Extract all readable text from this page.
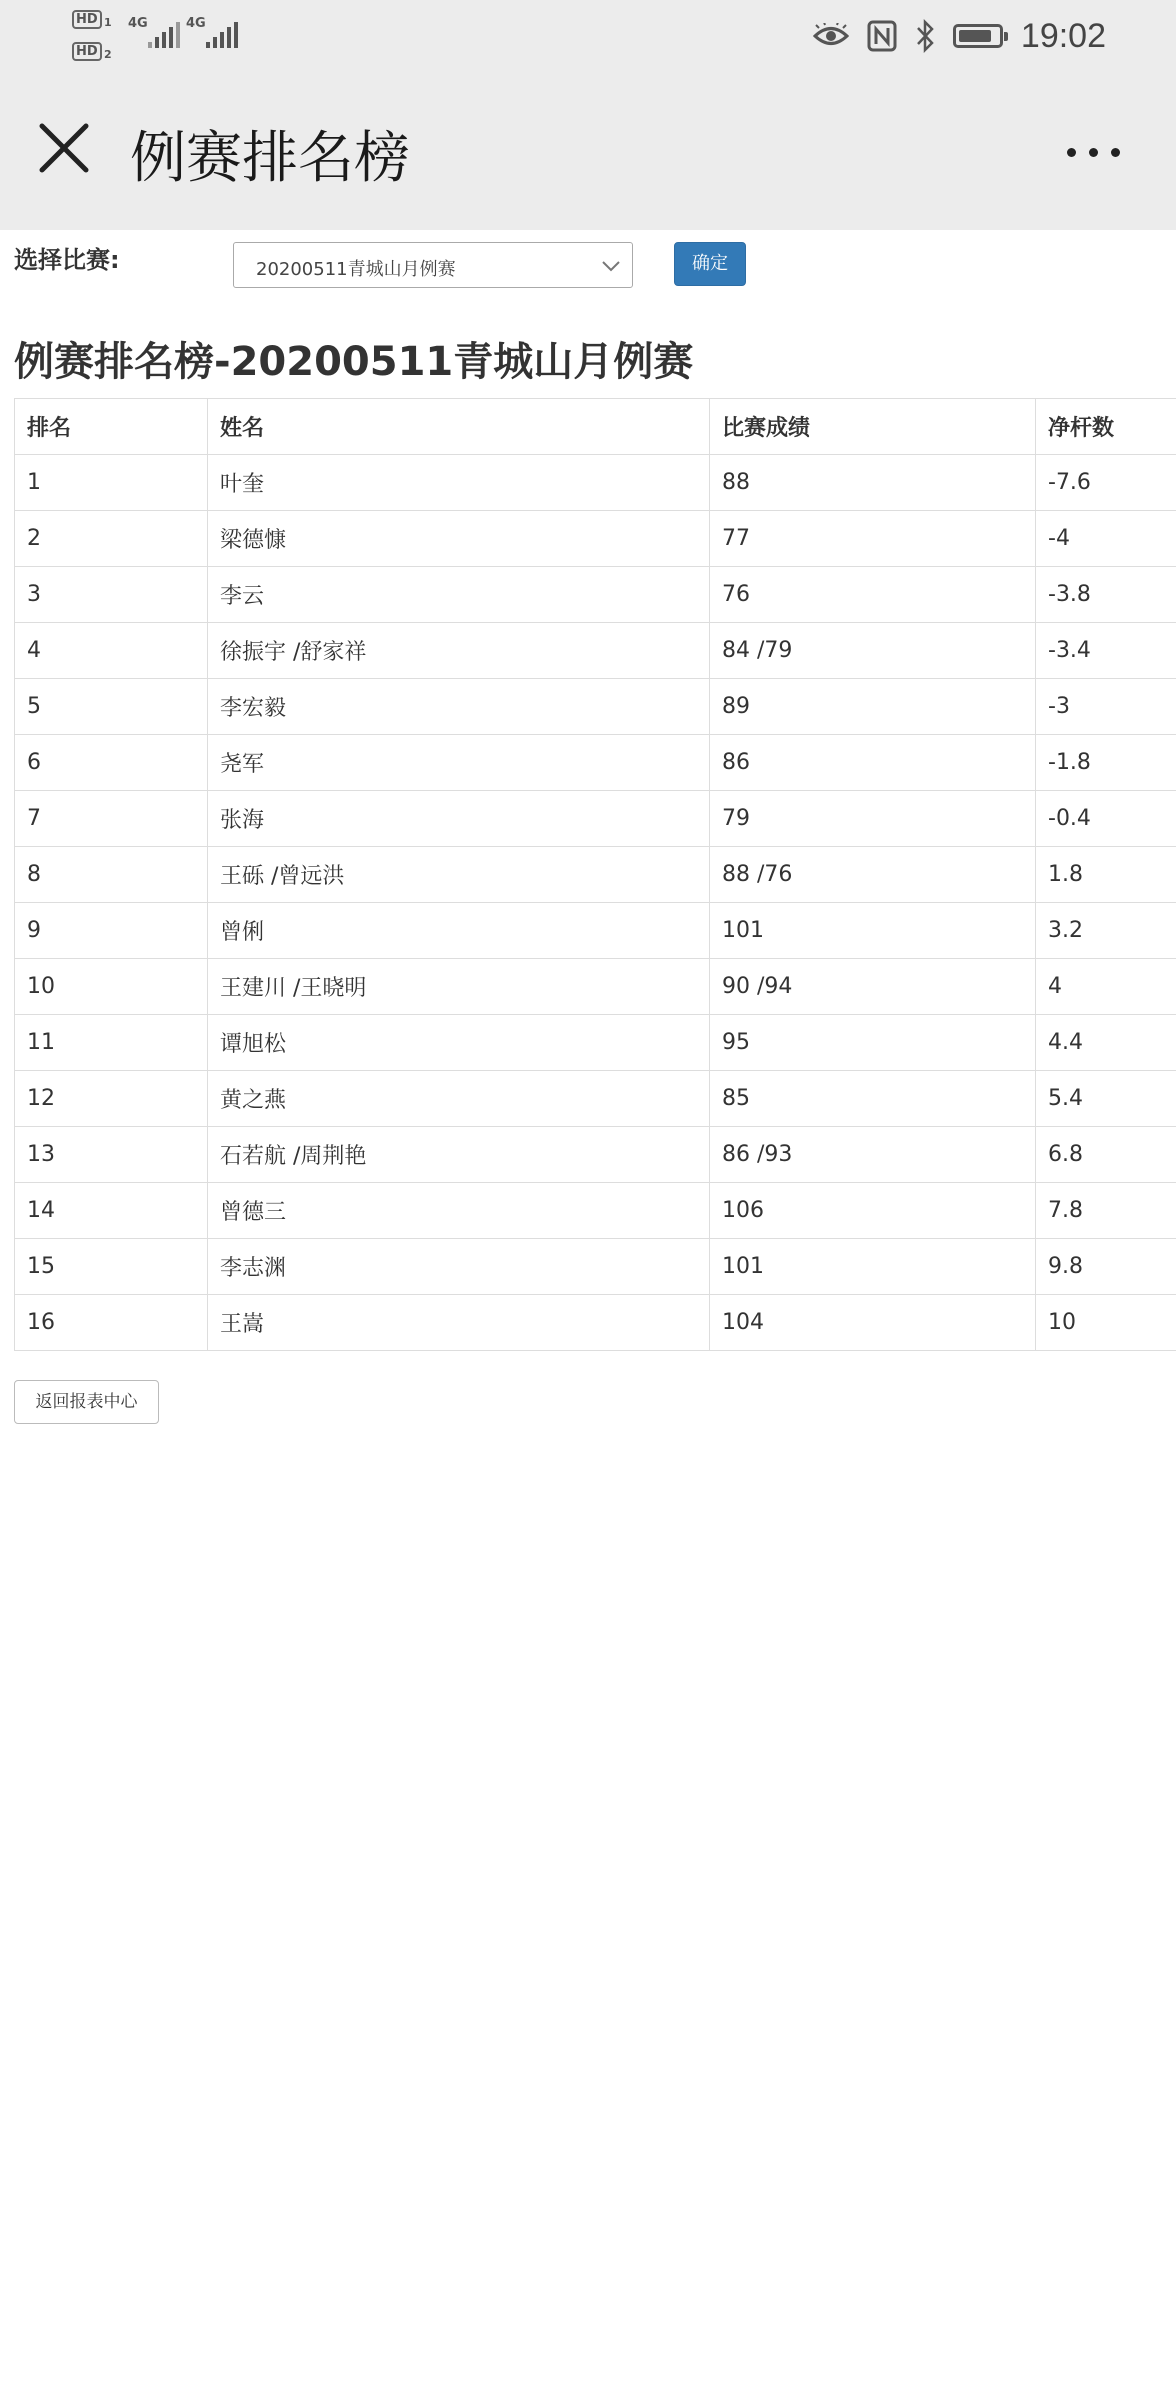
HD 1
HD 2
4G	4G	19:02
例赛排名榜
选择比赛:	20200511青城山月例赛	确定
例赛排名榜-20200511青城山月例赛
排名	姓名	比赛成绩	净杆数
1	叶奎	88	-7.6
2	梁德慷	77	-4
3	李云	76	-3.8
4	徐振宇 /舒家祥	84 /79	-3.4
5	李宏毅	89	-3
6	尧军	86	-1.8
7	张海	79	-0.4
8	王砾 /曾远洪	88 /76	1.8
9	曾俐	101	3.2
10	王建川 /王晓明	90 /94	4
11	谭旭松	95	4.4
12	黄之燕	85	5.4
13	石若航 /周荆艳	86 /93	6.8
14	曾德三	106	7.8
15	李志渊	101	9.8
16	王嵩	104	10
返回报表中心
